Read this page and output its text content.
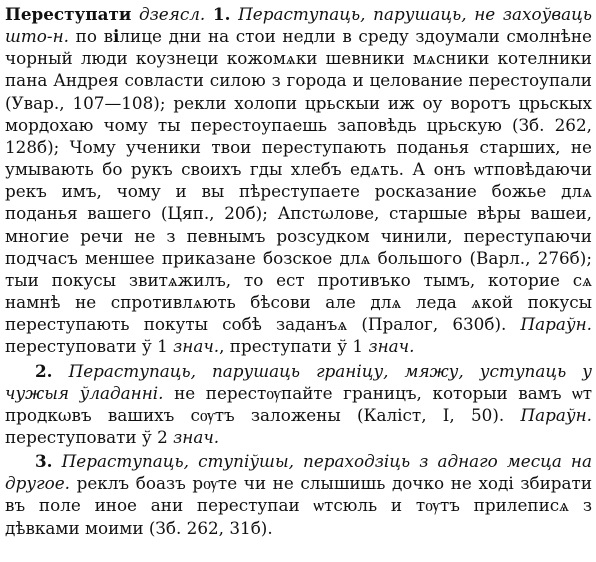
Переступати дзеясл. 1. Пераступаць, парушаць, не захоўваць што-н. по вℹлице дни на стои недли в среду здоумали смолнѣне чорный люди коузнеци кожомѧки шевники мѧсники котелники пана Андрея совласти силою з города и целование перестоупали (Увар., 107—108); рекли холопи црьскыи иж оу воротъ црьскых мордохаю чому ты перестоупаешь заповѣдь црьскую (Зб. 262, 128б); Чому ученики твои переступають поданья старших, не умывають бо рукъ своихъ гды хлебъ едѧть. А онъ ѡтповѣдаючи рекъ имъ, чому и вы пѣреступаете росказание божье длѧ поданья вашего (Цяп., 20б); Апстωлове, старшые вѣры вашеи, многие речи не з певнымъ розсудком чинили, переступаючи подчасъ меншее приказане бозское длѧ большого (Варл., 276б); тыи покусы звитѧжилъ, то ест противъко тымъ, которие сѧ намнѣ не спротивлѧють бѣсови але длѧ леда ѧкой покусы переступають покуты собѣ заданъѧ (Пралог, 630б). Параўн. переступовати ў 1 знач., преступати ў 1 знач.

2. Пераступаць, парушаць граніцу, мяжу, уступаць у чужыя ўладанні. не перестѹпайте границъ, которыи вамъ ѡт продкωвъ вашихъ сѹтъ заложены (Каліст, I, 50). Параўн. переступовати ў 2 знач.

3. Пераступаць, ступіўшы, пераходзіць з аднаго месца на другое. реклъ боазъ рѹте чи не слышишь дочко не ході збирати въ поле иное ани переступаи ѡтсюль и тѹтъ прилеписѧ з дѣвками моими (Зб. 262, 31б).
